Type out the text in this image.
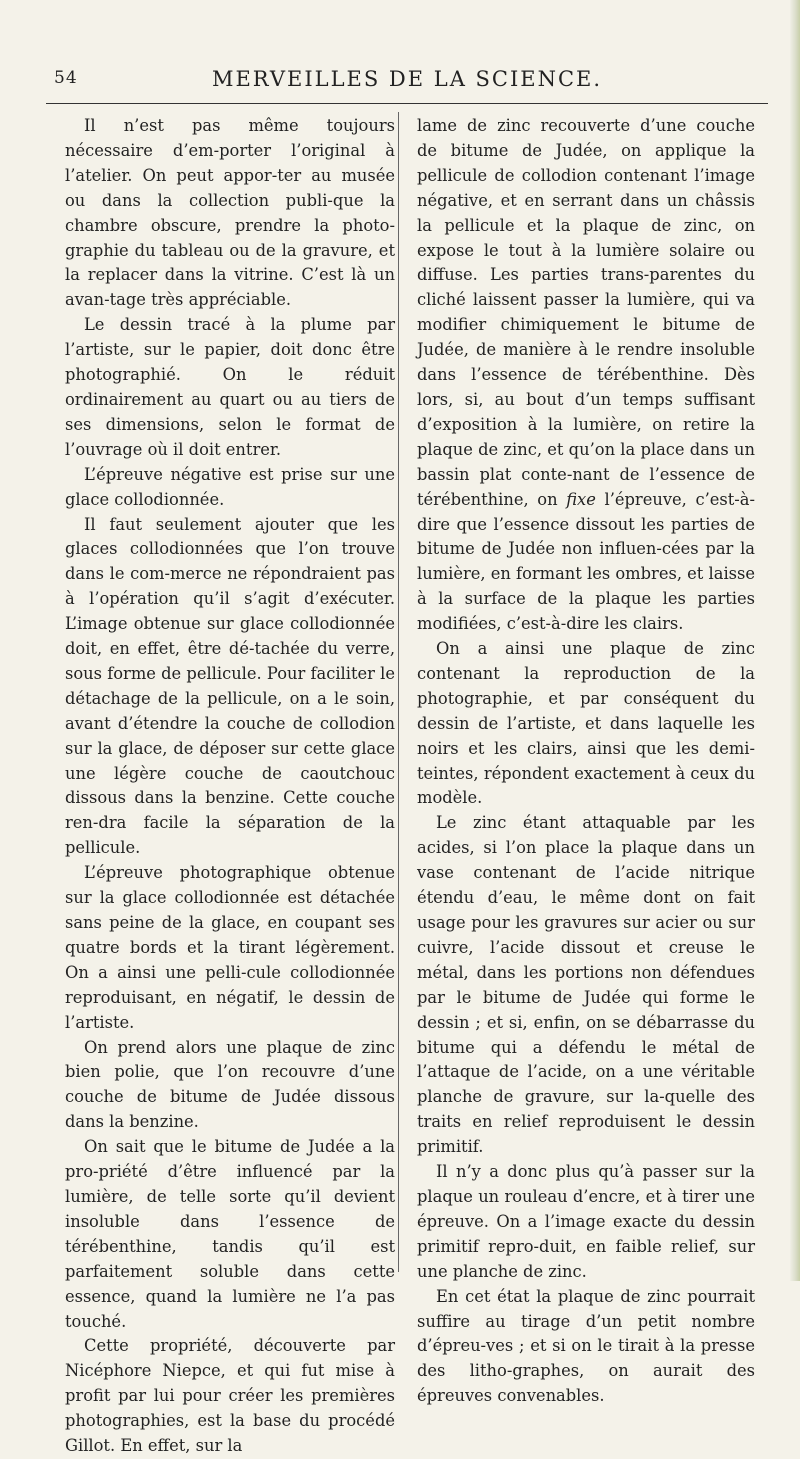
54	MERVEILLES DE LA SCIENCE.

Il n’est pas même toujours nécessaire d’em-porter l’original à l’atelier. On peut appor-ter au musée ou dans la collection publi-que la chambre obscure, prendre la photo-graphie du tableau ou de la gravure, et la replacer dans la vitrine. C’est là un avan-tage très appréciable.

Le dessin tracé à la plume par l’artiste, sur le papier, doit donc être photographié. On le réduit ordinairement au quart ou au tiers de ses dimensions, selon le format de l’ouvrage où il doit entrer.

L’épreuve négative est prise sur une glace collodionnée.

Il faut seulement ajouter que les glaces collodionnées que l’on trouve dans le com-merce ne répondraient pas à l’opération qu’il s’agit d’exécuter. L’image obtenue sur glace collodionnée doit, en effet, être dé-tachée du verre, sous forme de pellicule. Pour faciliter le détachage de la pellicule, on a le soin, avant d’étendre la couche de collodion sur la glace, de déposer sur cette glace une légère couche de caoutchouc dissous dans la benzine. Cette couche ren-dra facile la séparation de la pellicule.

L’épreuve photographique obtenue sur la glace collodionnée est détachée sans peine de la glace, en coupant ses quatre bords et la tirant légèrement. On a ainsi une pelli-cule collodionnée reproduisant, en négatif, le dessin de l’artiste.

On prend alors une plaque de zinc bien polie, que l’on recouvre d’une couche de bitume de Judée dissous dans la benzine.

On sait que le bitume de Judée a la pro-priété d’être influencé par la lumière, de telle sorte qu’il devient insoluble dans l’essence de térébenthine, tandis qu’il est parfaitement soluble dans cette essence, quand la lumière ne l’a pas touché.

Cette propriété, découverte par Nicéphore Niepce, et qui fut mise à profit par lui pour créer les premières photographies, est la base du procédé Gillot. En effet, sur la

lame de zinc recouverte d’une couche de bitume de Judée, on applique la pellicule de collodion contenant l’image négative, et en serrant dans un châssis la pellicule et la plaque de zinc, on expose le tout à la lumière solaire ou diffuse. Les parties trans-parentes du cliché laissent passer la lumière, qui va modifier chimiquement le bitume de Judée, de manière à le rendre insoluble dans l’essence de térébenthine. Dès lors, si, au bout d’un temps suffisant d’exposition à la lumière, on retire la plaque de zinc, et qu’on la place dans un bassin plat conte-nant de l’essence de térébenthine, on fixe l’épreuve, c’est-à-dire que l’essence dissout les parties de bitume de Judée non influen-cées par la lumière, en formant les ombres, et laisse à la surface de la plaque les parties modifiées, c’est-à-dire les clairs.

On a ainsi une plaque de zinc contenant la reproduction de la photographie, et par conséquent du dessin de l’artiste, et dans laquelle les noirs et les clairs, ainsi que les demi-teintes, répondent exactement à ceux du modèle.

Le zinc étant attaquable par les acides, si l’on place la plaque dans un vase contenant de l’acide nitrique étendu d’eau, le même dont on fait usage pour les gravures sur acier ou sur cuivre, l’acide dissout et creuse le métal, dans les portions non défendues par le bitume de Judée qui forme le dessin ; et si, enfin, on se débarrasse du bitume qui a défendu le métal de l’attaque de l’acide, on a une véritable planche de gravure, sur la-quelle des traits en relief reproduisent le dessin primitif.

Il n’y a donc plus qu’à passer sur la plaque un rouleau d’encre, et à tirer une épreuve. On a l’image exacte du dessin primitif repro-duit, en faible relief, sur une planche de zinc.

En cet état la plaque de zinc pourrait suffire au tirage d’un petit nombre d’épreu-ves ; et si on le tirait à la presse des litho-graphes, on aurait des épreuves convenables.
